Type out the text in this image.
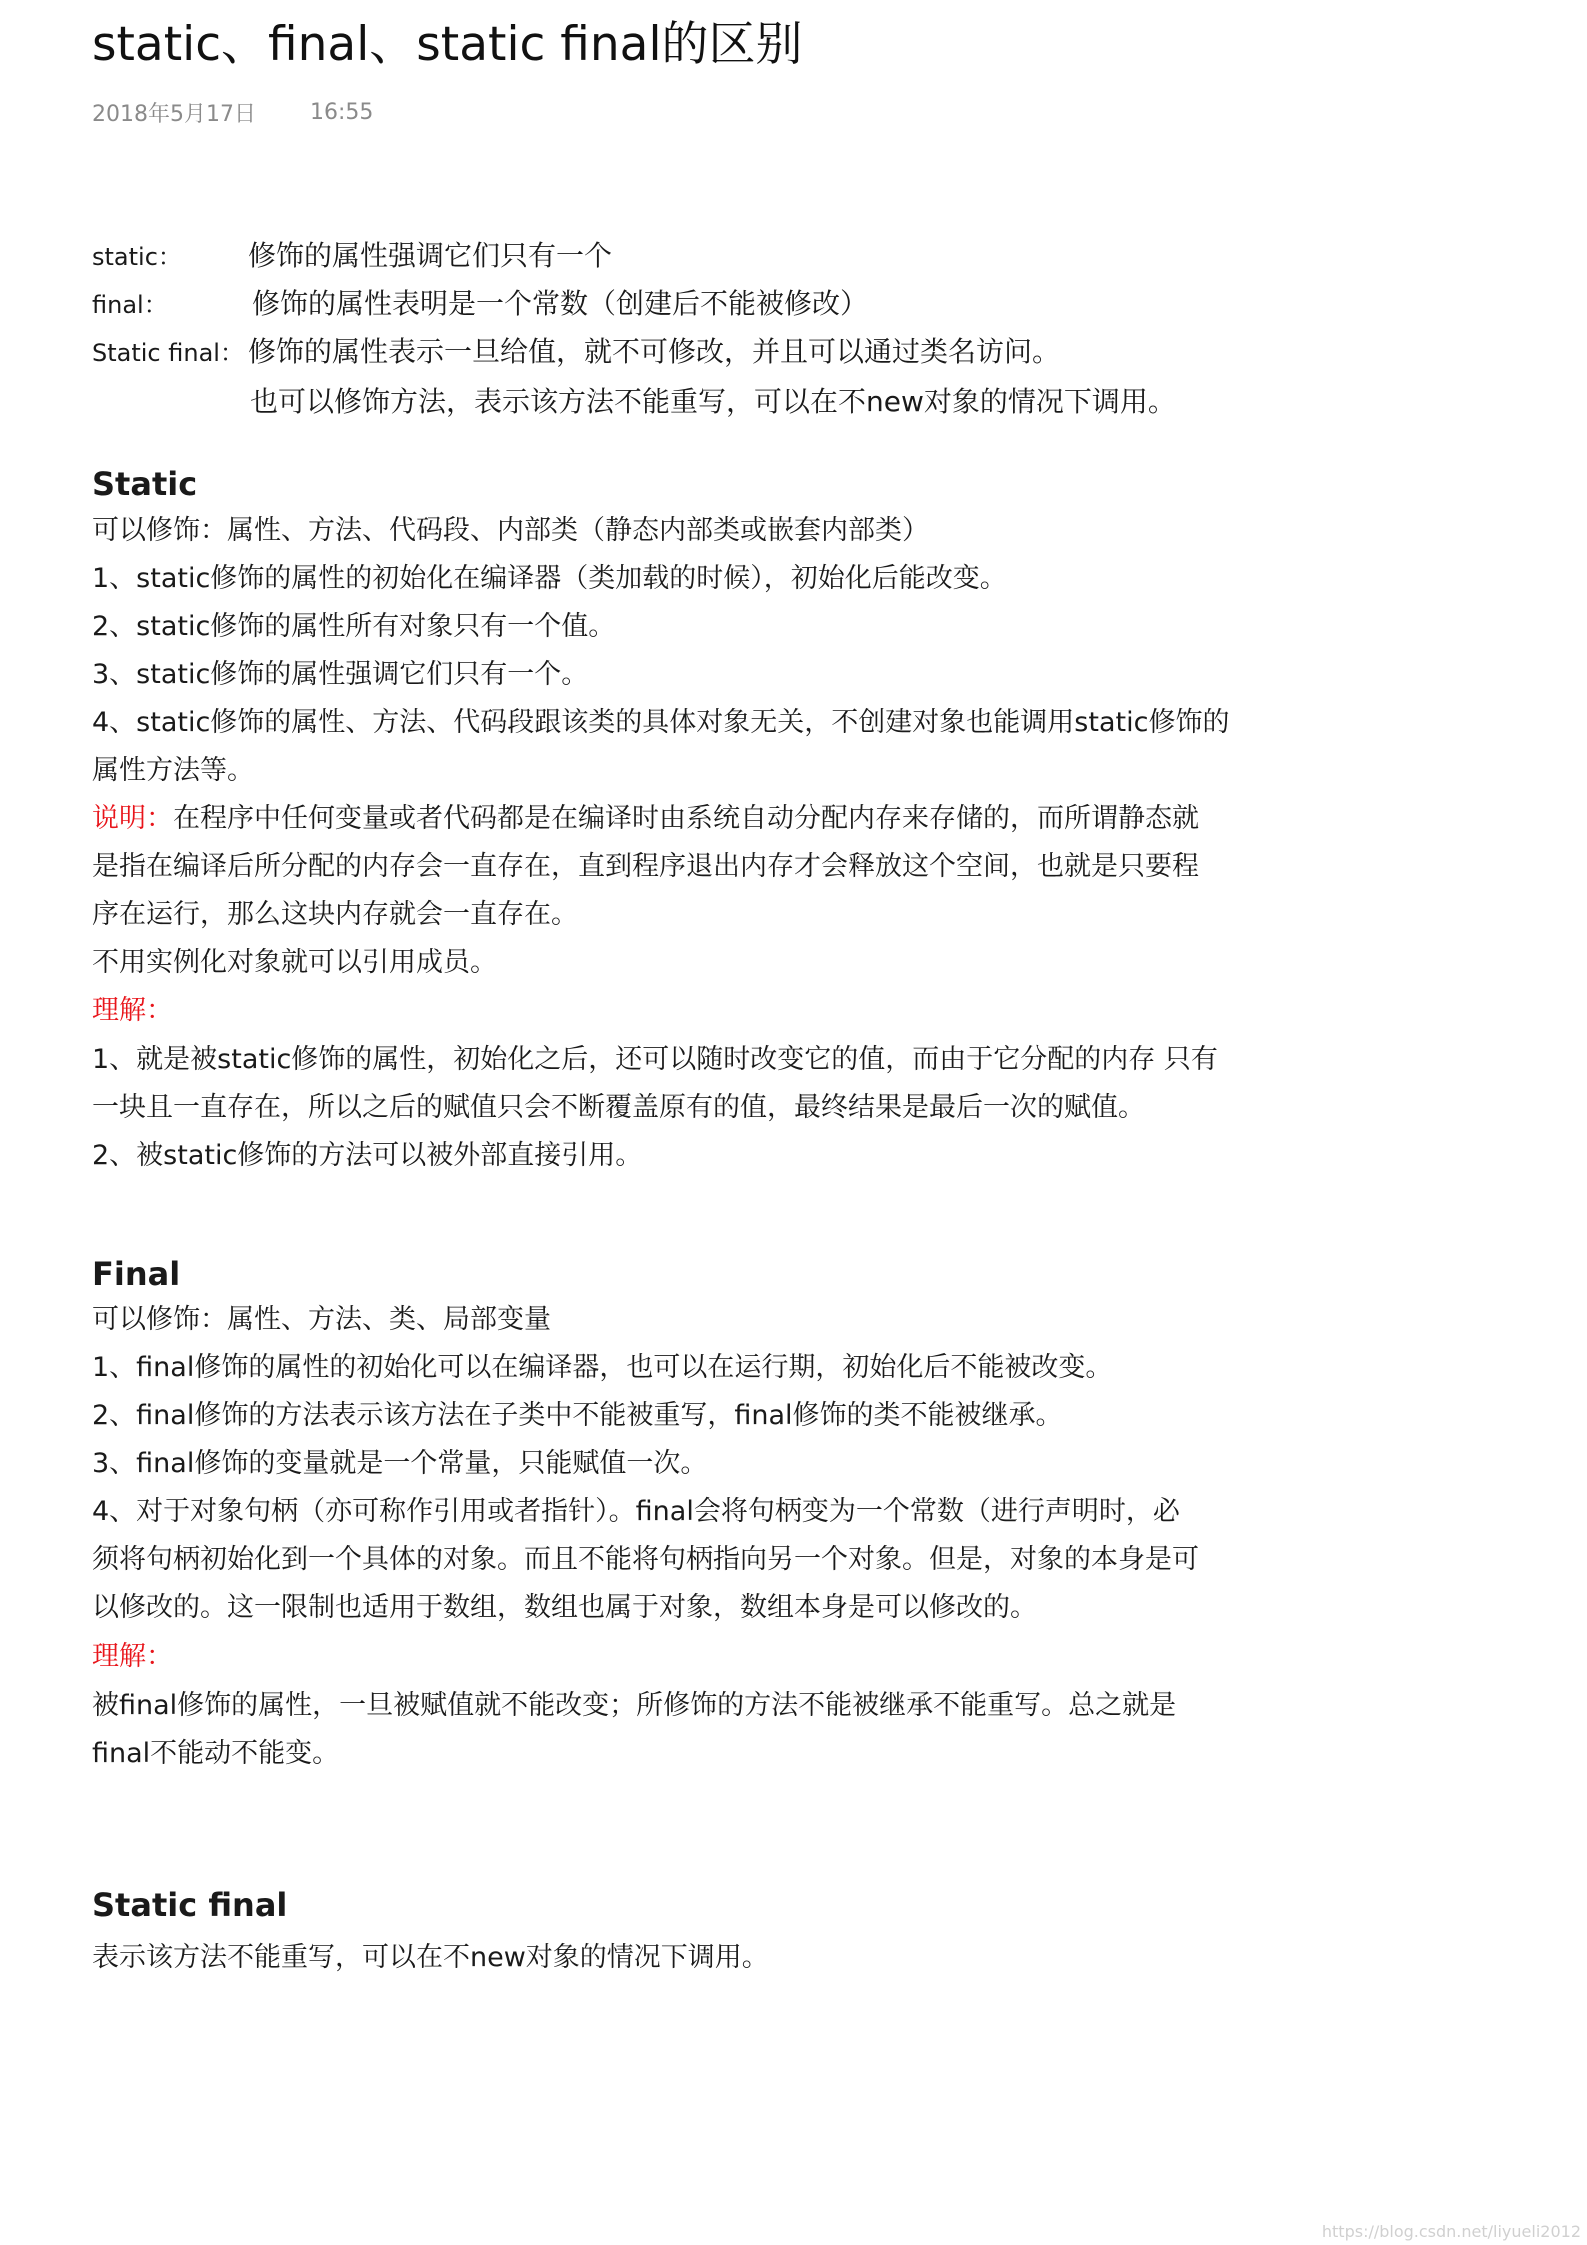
static、final、static final的区别
2018年5月17日 16:55
static： 修饰的属性强调它们只有一个
final：	修饰的属性表明是一个常数（创建后不能被修改）
Static final： 修饰的属性表示一旦给值，就不可修改，并且可以通过类名访问。
也可以修饰方法，表示该方法不能重写，可以在不new对象的情况下调用。
Static
可以修饰：属性、方法、代码段、内部类（静态内部类或嵌套内部类）
1、static修饰的属性的初始化在编译器（类加载的时候），初始化后能改变。
2、static修饰的属性所有对象只有一个值。
3、static修饰的属性强调它们只有一个。
4、static修饰的属性、方法、代码段跟该类的具体对象无关，不创建对象也能调用static修饰的
属性方法等。
说明：在程序中任何变量或者代码都是在编译时由系统自动分配内存来存储的，而所谓静态就
是指在编译后所分配的内存会一直存在，直到程序退出内存才会释放这个空间，也就是只要程
序在运行，那么这块内存就会一直存在。
不用实例化对象就可以引用成员。
理解：
1、就是被static修饰的属性，初始化之后，还可以随时改变它的值，而由于它分配的内存 只有
一块且一直存在，所以之后的赋值只会不断覆盖原有的值，最终结果是最后一次的赋值。
2、被static修饰的方法可以被外部直接引用。
Final
可以修饰：属性、方法、类、局部变量
1、final修饰的属性的初始化可以在编译器，也可以在运行期，初始化后不能被改变。
2、final修饰的方法表示该方法在子类中不能被重写，final修饰的类不能被继承。
3、final修饰的变量就是一个常量，只能赋值一次。
4、对于对象句柄（亦可称作引用或者指针）。final会将句柄变为一个常数（进行声明时，必
须将句柄初始化到一个具体的对象。而且不能将句柄指向另一个对象。但是，对象的本身是可
以修改的。这一限制也适用于数组，数组也属于对象，数组本身是可以修改的。
理解：
被final修饰的属性，一旦被赋值就不能改变；所修饰的方法不能被继承不能重写。总之就是
final不能动不能变。
Static final
表示该方法不能重写，可以在不new对象的情况下调用。
https://blog.csdn.net/liyueli2012
